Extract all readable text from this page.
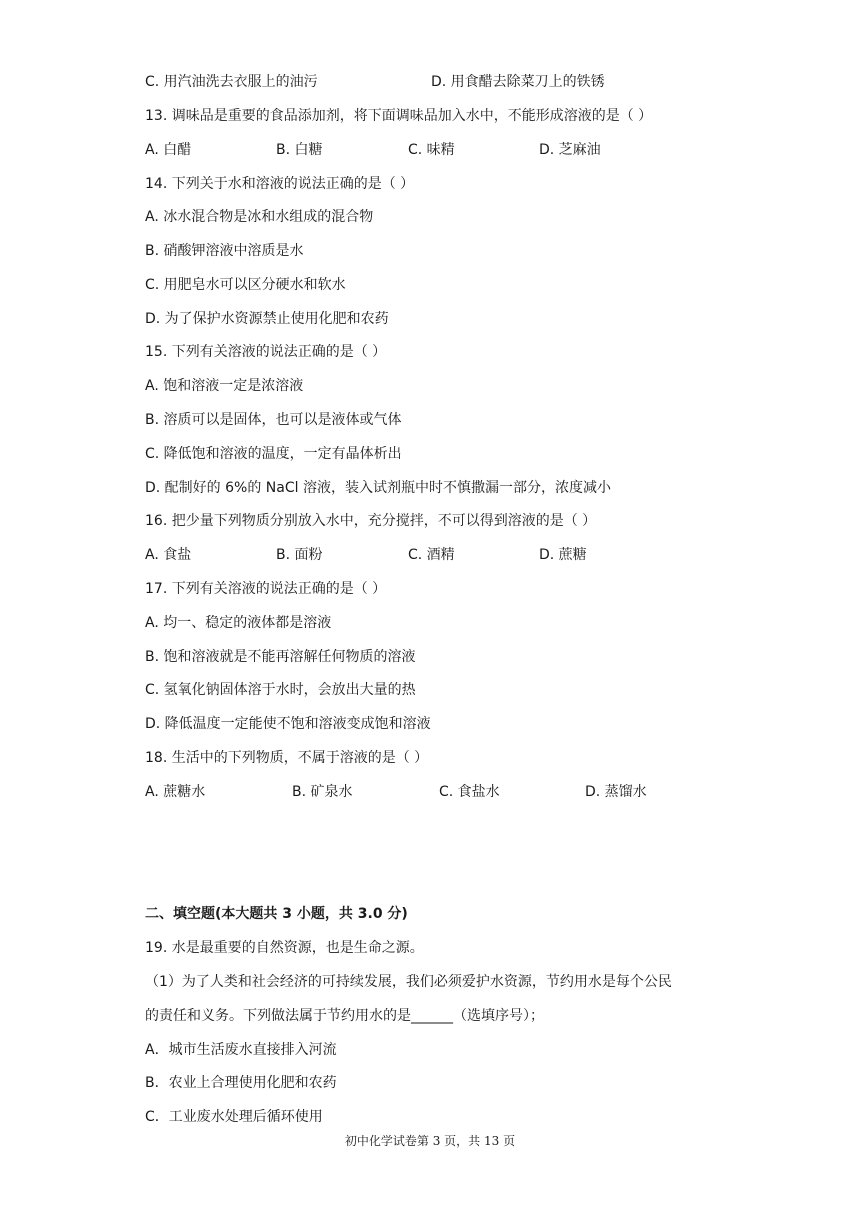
C. 用汽油洗去衣服上的油污	D. 用食醋去除菜刀上的铁锈
13. 调味品是重要的食品添加剂，将下面调味品加入水中，不能形成溶液的是（ ）
A. 白醋	B. 白糖	C. 味精	D. 芝麻油
14. 下列关于水和溶液的说法正确的是（ ）
A. 冰水混合物是冰和水组成的混合物
B. 硝酸钾溶液中溶质是水
C. 用肥皂水可以区分硬水和软水
D. 为了保护水资源禁止使用化肥和农药
15. 下列有关溶液的说法正确的是（ ）
A. 饱和溶液一定是浓溶液
B. 溶质可以是固体，也可以是液体或气体
C. 降低饱和溶液的温度，一定有晶体析出
D. 配制好的 6%的 NaCl 溶液，装入试剂瓶中时不慎撒漏一部分，浓度减小
16. 把少量下列物质分别放入水中，充分搅拌，不可以得到溶液的是（ ）
A. 食盐	B. 面粉	C. 酒精	D. 蔗糖
17. 下列有关溶液的说法正确的是（ ）
A. 均一、稳定的液体都是溶液
B. 饱和溶液就是不能再溶解任何物质的溶液
C. 氢氧化钠固体溶于水时，会放出大量的热
D. 降低温度一定能使不饱和溶液变成饱和溶液
18. 生活中的下列物质，不属于溶液的是（ ）
A. 蔗糖水	B. 矿泉水	C. 食盐水	D. 蒸馏水
二、填空题(本大题共 3 小题，共 3.0 分)
19. 水是最重要的自然资源，也是生命之源。
（1）为了人类和社会经济的可持续发展，我们必须爱护水资源，节约用水是每个公民
的责任和义务。下列做法属于节约用水的是______（选填序号）；
A．城市生活废水直接排入河流
B．农业上合理使用化肥和农药
C．工业废水处理后循环使用
初中化学试卷第 3 页，共 13 页
